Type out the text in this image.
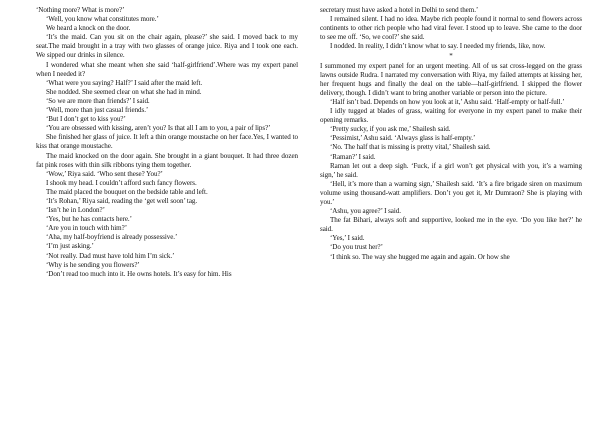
‘Nothing more? What is more?’

‘Well, you know what constitutes more.’

We heard a knock on the door.

‘It’s the maid. Can you sit on the chair again, please?’ she said. I moved back to my seat.The maid brought in a tray with two glasses of orange juice. Riya and I took one each. We sipped our drinks in silence.

I wondered what she meant when she said ‘half-girlfriend’.Where was my expert panel when I needed it?

‘What were you saying? Half?’ I said after the maid left.

She nodded. She seemed clear on what she had in mind.

‘So we are more than friends?’ I said.

‘Well, more than just casual friends.’

‘But I don’t get to kiss you?’

‘You are obsessed with kissing, aren’t you? Is that all I am to you, a pair of lips?’

She finished her glass of juice. It left a thin orange moustache on her face.Yes, I wanted to kiss that orange moustache.

The maid knocked on the door again. She brought in a giant bouquet. It had three dozen fat pink roses with thin silk ribbons tying them together.

‘Wow,’ Riya said. ‘Who sent these? You?’

I shook my head. I couldn’t afford such fancy flowers.

The maid placed the bouquet on the bedside table and left.

‘It’s Rohan,’ Riya said, reading the ‘get well soon’ tag.

‘Isn’t he in London?’

‘Yes, but he has contacts here.’

‘Are you in touch with him?’

‘Aha, my half-boyfriend is already possessive.’

‘I’m just asking.’

‘Not really. Dad must have told him I’m sick.’

‘Why is he sending you flowers?’

‘Don’t read too much into it. He owns hotels. It’s easy for him. His

secretary must have asked a hotel in Delhi to send them.’

I remained silent. I had no idea. Maybe rich people found it normal to send flowers across continents to other rich people who had viral fever. I stood up to leave. She came to the door to see me off. ‘So, we cool?’ she said.

I nodded. In reality, I didn’t know what to say. I needed my friends, like, now.

*

I summoned my expert panel for an urgent meeting. All of us sat cross-legged on the grass lawns outside Rudra. I narrated my conversation with Riya, my failed attempts at kissing her, her frequent hugs and finally the deal on the table—half-girlfriend. I skipped the flower delivery, though. I didn’t want to bring another variable or person into the picture.

‘Half isn’t bad. Depends on how you look at it,’ Ashu said. ‘Half-empty or half-full.’

I idly tugged at blades of grass, waiting for everyone in my expert panel to make their opening remarks.

‘Pretty sucky, if you ask me,’ Shailesh said.

‘Pessimist,’ Ashu said. ‘Always glass is half-empty.’

‘No. The half that is missing is pretty vital,’ Shailesh said.

‘Raman?’ I said.

Raman let out a deep sigh. ‘Fuck, if a girl won’t get physical with you, it’s a warning sign,’ he said.

‘Hell, it’s more than a warning sign,’ Shailesh said. ‘It’s a fire brigade siren on maximum volume using thousand-watt amplifiers. Don’t you get it, Mr Dumraon? She is playing with you.’

‘Ashu, you agree?’ I said.

The fat Bihari, always soft and supportive, looked me in the eye. ‘Do you like her?’ he said.

‘Yes,’ I said.

‘Do you trust her?’

‘I think so. The way she hugged me again and again. Or how she
